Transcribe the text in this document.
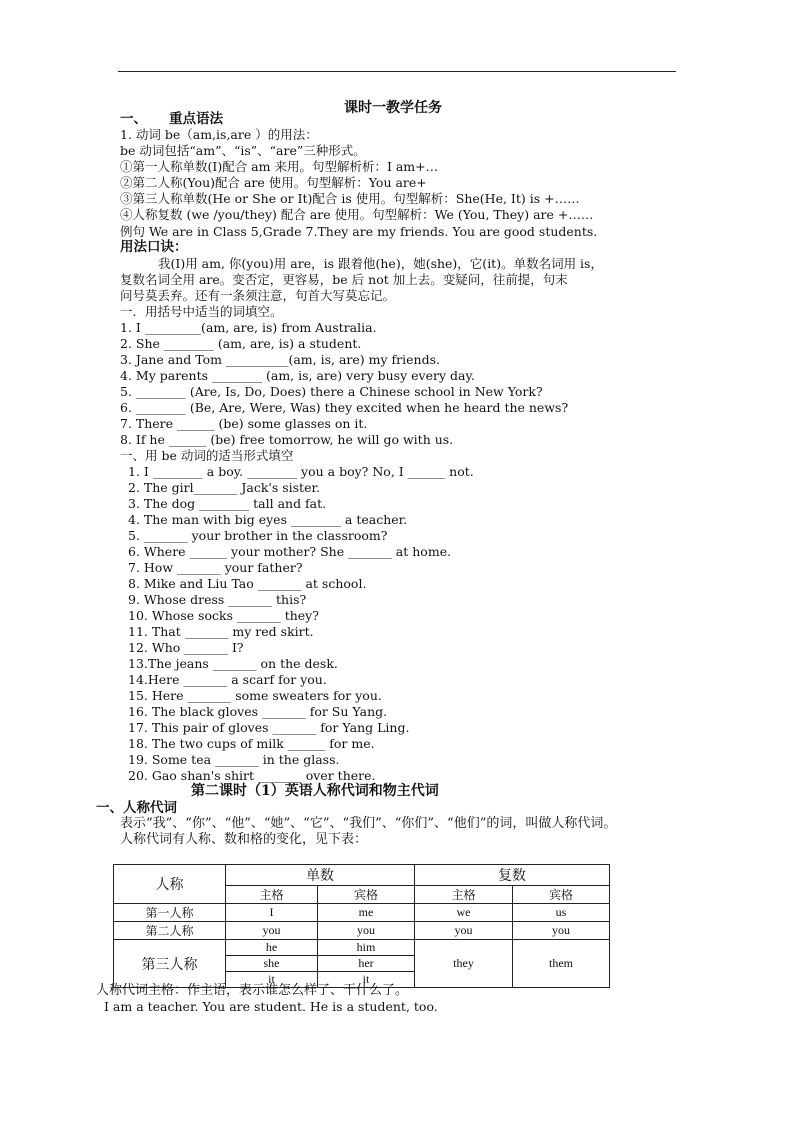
课时一教学任务
一、 重点语法
1. 动词 be（am,is,are ）的用法：
be 动词包括“am”、“is”、“are”三种形式。
①第一人称单数(I)配合 am 来用。句型解析析：I am+…
②第二人称(You)配合 are 使用。句型解析：You are+
③第三人称单数(He or She or It)配合 is 使用。句型解析：She(He, It) is +……
④人称复数 (we /you/they) 配合 are 使用。句型解析：We (You, They) are +……
例句 We are in Class 5,Grade 7.They are my friends. You are good students.
用法口诀：
我(I)用 am, 你(you)用 are，is 跟着他(he)，她(she)，它(it)。单数名词用 is，
复数名词全用 are。变否定，更容易，be 后 not 加上去。变疑问，往前提，句末
问号莫丢弃。还有一条须注意，句首大写莫忘记。
一．用括号中适当的词填空。
1. I _________(am, are, is) from Australia.
2. She ________ (am, are, is) a student.
3. Jane and Tom __________(am, is, are) my friends.
4. My parents ________ (am, is, are) very busy every day.
5. ________ (Are, Is, Do, Does) there a Chinese school in New York?
6. ________ (Be, Are, Were, Was) they excited when he heard the news?
7. There ______ (be) some glasses on it.
8. If he ______ (be) free tomorrow, he will go with us.
一、用 be 动词的适当形式填空
1. I ________ a boy. ________ you a boy? No, I ______ not.
2. The girl_______ Jack's sister.
3. The dog ________ tall and fat.
4. The man with big eyes ________ a teacher.
5. _______ your brother in the classroom?
6. Where ______ your mother? She _______ at home.
7. How _______ your father?
8. Mike and Liu Tao _______ at school.
9. Whose dress _______ this?
10. Whose socks _______ they?
11. That _______ my red skirt.
12. Who _______ I?
13.The jeans _______ on the desk.
14.Here _______ a scarf for you.
15. Here _______ some sweaters for you.
16. The black gloves _______ for Su Yang.
17. This pair of gloves _______ for Yang Ling.
18. The two cups of milk ______ for me.
19. Some tea _______ in the glass.
20. Gao shan's shirt _______ over there.
第二课时（1）英语人称代词和物主代词
一、人称代词
表示“我”、“你”、“他”、“她”、“它”、“我们”、“你们”、“他们”的词，叫做人称代词。
人称代词有人称、数和格的变化，见下表：
人称	单数		复数	
	主格	宾格	主格	宾格
第一人称	I	me	we	us
第二人称	you	you	you	you
第三人称	he	him	they	them
	she	her		
	it	it		
人称代词主格：作主语，表示谁怎么样了、干什么了。
I am a teacher. You are student. He is a student, too.
